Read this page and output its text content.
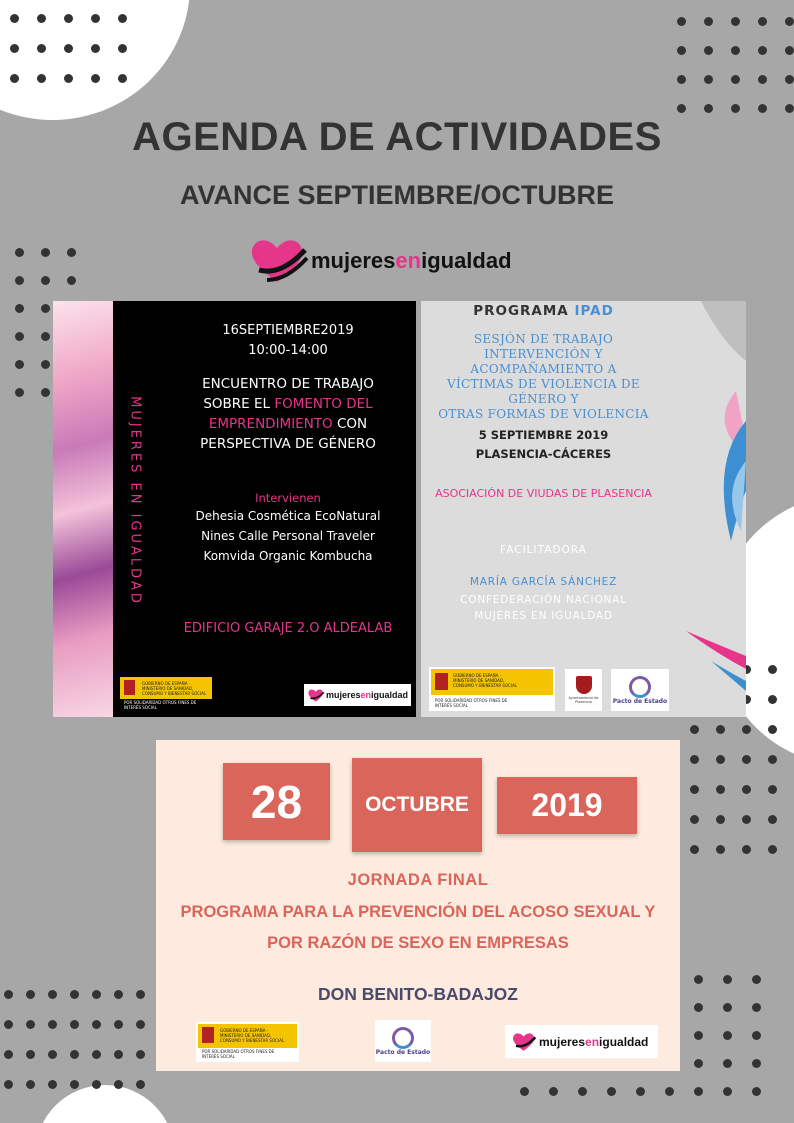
AGENDA DE ACTIVIDADES
AVANCE SEPTIEMBRE/OCTUBRE
mujeresenigualdad
MUJERES EN IGUALDAD
16SEPTIEMBRE2019
10:00-14:00
ENCUENTRO DE TRABAJO
SOBRE EL FOMENTO DEL
EMPRENDIMIENTO CON
PERSPECTIVA DE GÉNERO
Intervienen
Dehesia Cosmética EcoNatural
Nines Calle Personal Traveler
Komvida Organic Kombucha
EDIFICIO GARAJE 2.O ALDEALAB
GOBIERNO DE ESPAÑA · MINISTERIO DE SANIDAD, CONSUMO Y BIENESTAR SOCIAL
POR SOLIDARIDAD OTROS FINES DE INTERÉS SOCIAL
mujeresenigualdad
PROGRAMA IPAD
SESJÓN DE TRABAJO
INTERVENCIÓN Y ACOMPAÑAMIENTO A
VÍCTIMAS DE VIOLENCIA DE GÉNERO Y
OTRAS FORMAS DE VIOLENCIA
5 SEPTIEMBRE 2019
PLASENCIA-CÁCERES
ASOCIACIÓN DE VIUDAS DE PLASENCIA
FACILITADORA
MARÍA GARCÍA SÁNCHEZ
CONFEDERACIÓN NACIONAL
MUJERES EN IGUALDAD
GOBIERNO DE ESPAÑA · MINISTERIO DE SANIDAD, CONSUMO Y BIENESTAR SOCIAL
POR SOLIDARIDAD OTROS FINES DE INTERÉS SOCIAL
Ayuntamiento de Plasencia	Pacto de Estado
28	OCTUBRE	2019
JORNADA FINAL
PROGRAMA PARA LA PREVENCIÓN DEL ACOSO SEXUAL Y
POR RAZÓN DE SEXO EN EMPRESAS
DON BENITO-BADAJOZ
GOBIERNO DE ESPAÑA · MINISTERIO DE SANIDAD, CONSUMO Y BIENESTAR SOCIAL
POR SOLIDARIDAD OTROS FINES DE INTERÉS SOCIAL
Pacto de Estado
mujeresenigualdad
